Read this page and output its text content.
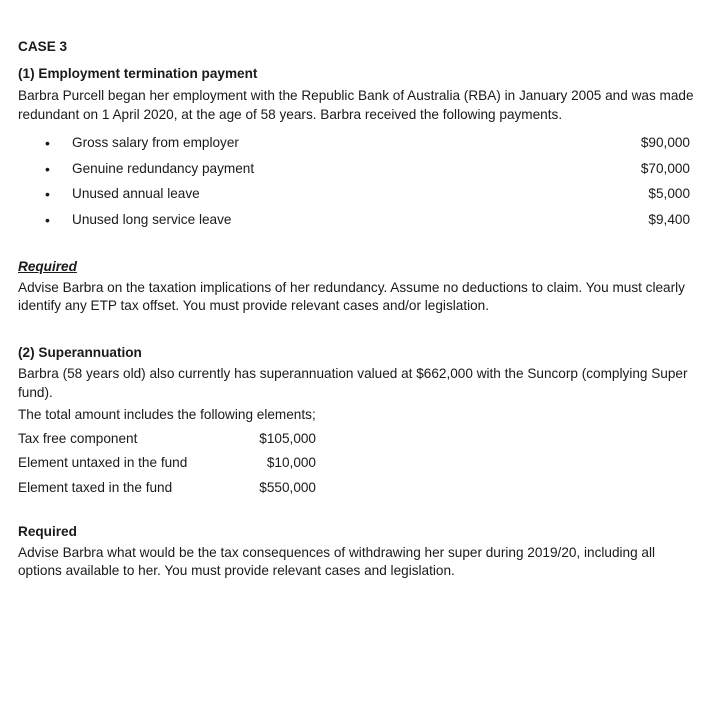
CASE 3

(1) Employment termination payment

Barbra Purcell began her employment with the Republic Bank of Australia (RBA) in January 2005 and was made redundant on 1 April 2020, at the age of 58 years. Barbra received the following payments.

•	Gross salary from employer	$90,000
•	Genuine redundancy payment	$70,000
•	Unused annual leave	$5,000
•	Unused long service leave	$9,400

Required

Advise Barbra on the taxation implications of her redundancy. Assume no deductions to claim. You must clearly identify any ETP tax offset. You must provide relevant cases and/or legislation.

(2) Superannuation

Barbra (58 years old) also currently has superannuation valued at $662,000 with the Suncorp (complying Super fund).

The total amount includes the following elements;

Tax free component	$105,000
Element untaxed in the fund	$10,000
Element taxed in the fund	$550,000

Required

Advise Barbra what would be the tax consequences of withdrawing her super during 2019/20, including all options available to her. You must provide relevant cases and legislation.
